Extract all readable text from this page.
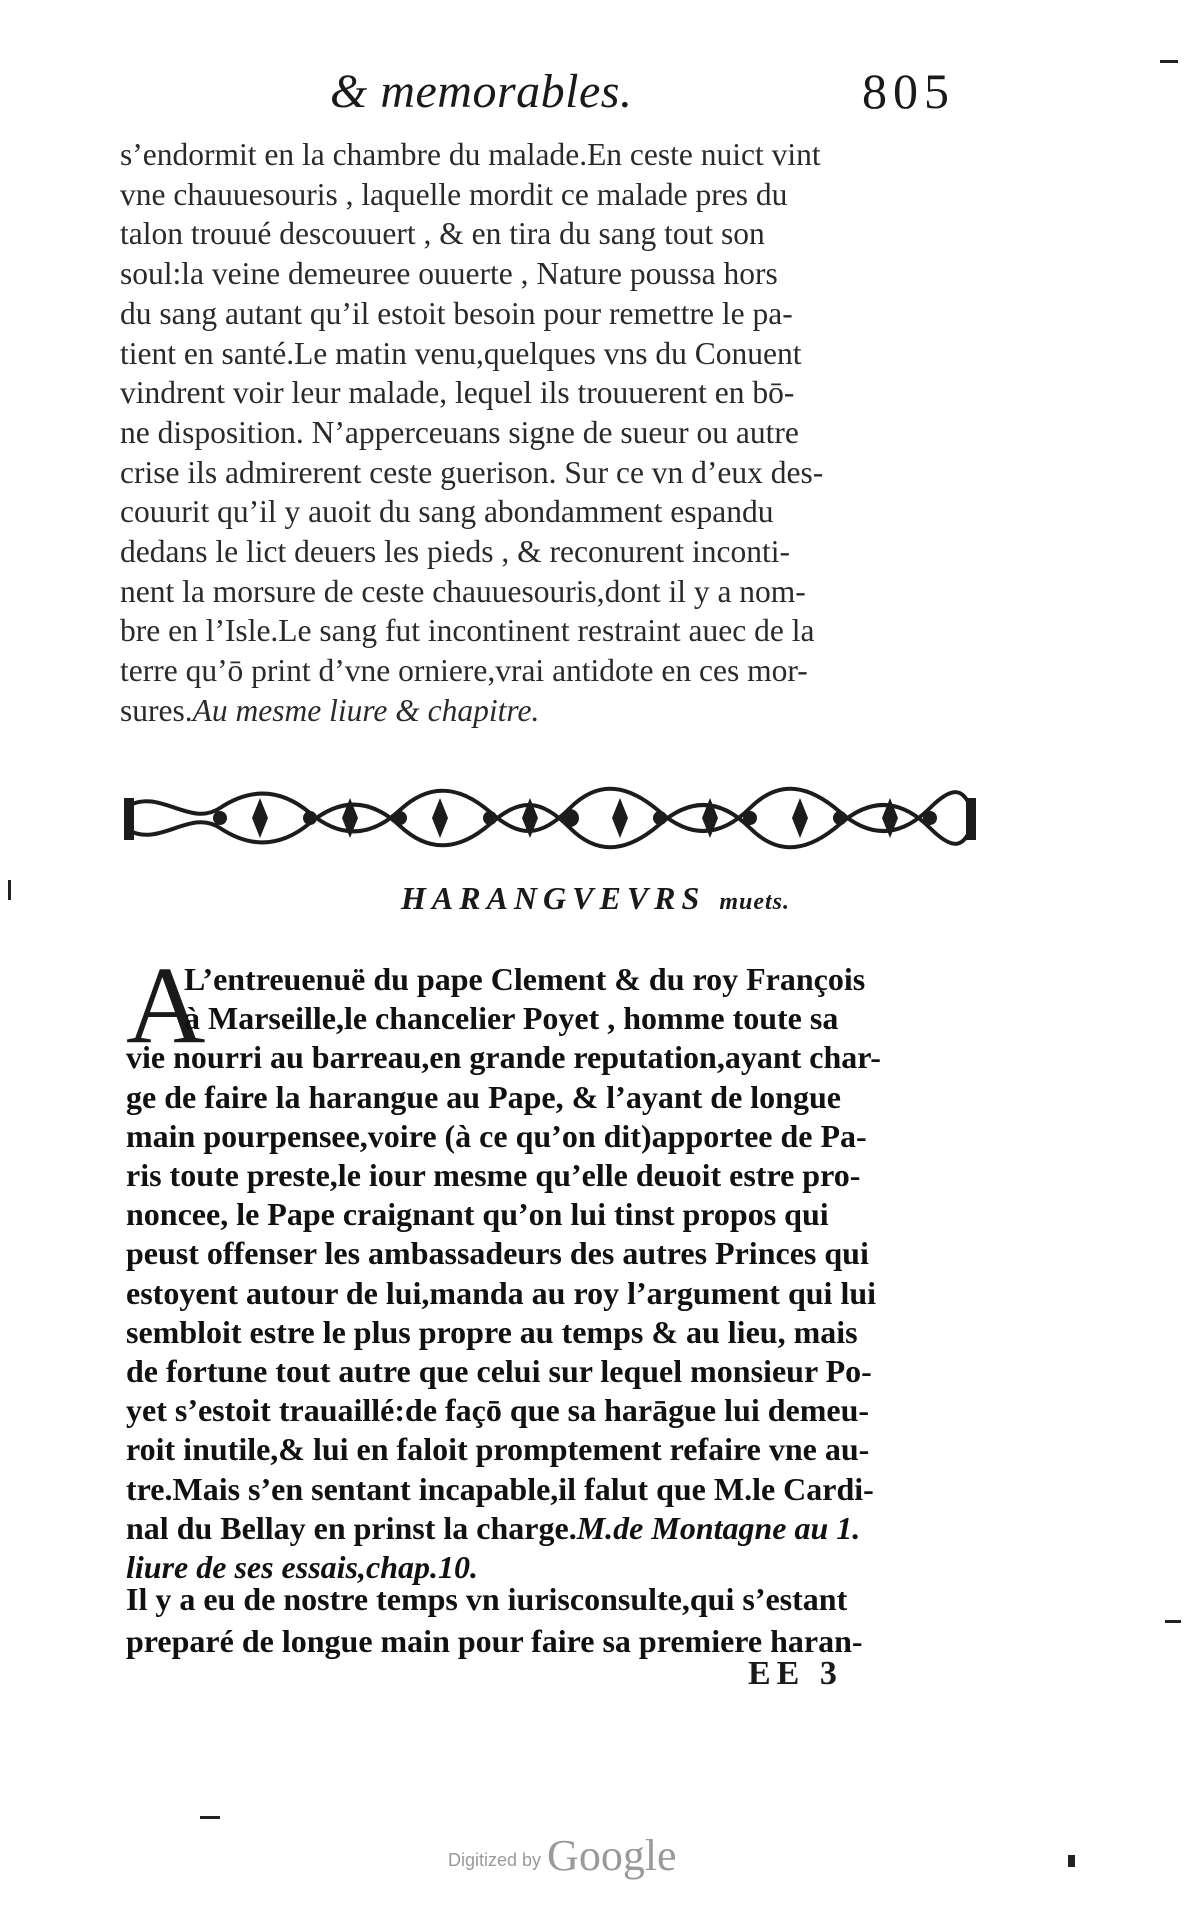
& memorables.	805
s’endormit en la chambre du malade.En ceste nuict vint
vne chauuesouris , laquelle mordit ce malade pres du
talon trouué descouuert , & en tira du sang tout son
soul:la veine demeuree ouuerte , Nature poussa hors
du sang autant qu’il estoit besoin pour remettre le pa-
tient en santé.Le matin venu,quelques vns du Conuent
vindrent voir leur malade, lequel ils trouuerent en bō-
ne disposition. N’apperceuans signe de sueur ou autre
crise ils admirerent ceste guerison. Sur ce vn d’eux des-
couurit qu’il y auoit du sang abondamment espandu
dedans le lict deuers les pieds , & reconurent inconti-
nent la morsure de ceste chauuesouris,dont il y a nom-
bre en l’Isle.Le sang fut incontinent restraint auec de la
terre qu’ō print d’vne orniere,vrai antidote en ces mor-
sures.Au mesme liure & chapitre.
HARANGVEVRS muets.
A
L’entreuenuë du pape Clement & du roy François
à Marseille,le chancelier Poyet , homme toute sa
vie nourri au barreau,en grande reputation,ayant char-
ge de faire la harangue au Pape, & l’ayant de longue
main pourpensee,voire (à ce qu’on dit)apportee de Pa-
ris toute preste,le iour mesme qu’elle deuoit estre pro-
noncee, le Pape craignant qu’on lui tinst propos qui
peust offenser les ambassadeurs des autres Princes qui
estoyent autour de lui,manda au roy l’argument qui lui
sembloit estre le plus propre au temps & au lieu, mais
de fortune tout autre que celui sur lequel monsieur Po-
yet s’estoit trauaillé:de façō que sa harāgue lui demeu-
roit inutile,& lui en faloit promptement refaire vne au-
tre.Mais s’en sentant incapable,il falut que M.le Cardi-
nal du Bellay en prinst la charge.M.de Montagne au 1.
liure de ses essais,chap.10.
Il y a eu de nostre temps vn iurisconsulte,qui s’estant
preparé de longue main pour faire sa premiere haran-
EE 3
Digitized by Google
